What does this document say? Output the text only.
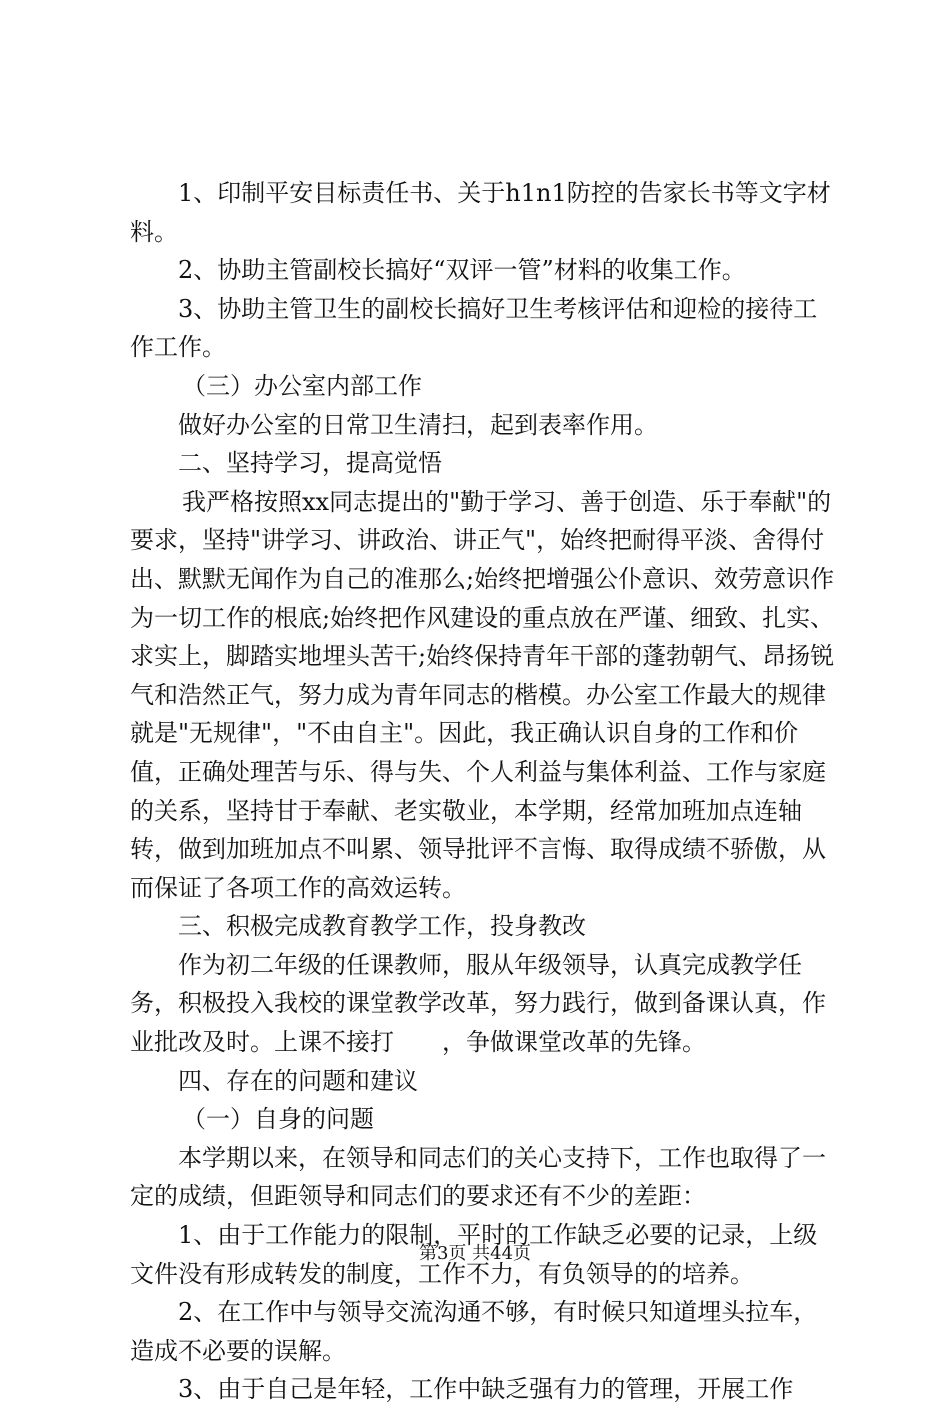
1、印制平安目标责任书、关于h1n1防控的告家长书等文字材料。

2、协助主管副校长搞好“双评一管”材料的收集工作。

3、协助主管卫生的副校长搞好卫生考核评估和迎检的接待工作工作。

（三）办公室内部工作

做好办公室的日常卫生清扫，起到表率作用。

二、坚持学习，提高觉悟

我严格按照xx同志提出的"勤于学习、善于创造、乐于奉献"的要求，坚持"讲学习、讲政治、讲正气"，始终把耐得平淡、舍得付出、默默无闻作为自己的准那么;始终把增强公仆意识、效劳意识作为一切工作的根底;始终把作风建设的重点放在严谨、细致、扎实、求实上，脚踏实地埋头苦干;始终保持青年干部的蓬勃朝气、昂扬锐气和浩然正气，努力成为青年同志的楷模。办公室工作最大的规律就是"无规律"，"不由自主"。因此，我正确认识自身的工作和价值，正确处理苦与乐、得与失、个人利益与集体利益、工作与家庭的关系，坚持甘于奉献、老实敬业，本学期，经常加班加点连轴转，做到加班加点不叫累、领导批评不言悔、取得成绩不骄傲，从而保证了各项工作的高效运转。

三、积极完成教育教学工作，投身教改

作为初二年级的任课教师，服从年级领导，认真完成教学任务，积极投入我校的课堂教学改革，努力践行，做到备课认真，作业批改及时。上课不接打　　，争做课堂改革的先锋。

四、存在的问题和建议

（一）自身的问题

本学期以来，在领导和同志们的关心支持下，工作也取得了一定的成绩，但距领导和同志们的要求还有不少的差距：

1、由于工作能力的限制，平时的工作缺乏必要的记录，上级文件没有形成转发的制度，工作不力，有负领导的的培养。

2、在工作中与领导交流沟通不够，有时候只知道埋头拉车，造成不必要的误解。

3、由于自己是年轻，工作中缺乏强有力的管理，开展工作

第3页 共44页
